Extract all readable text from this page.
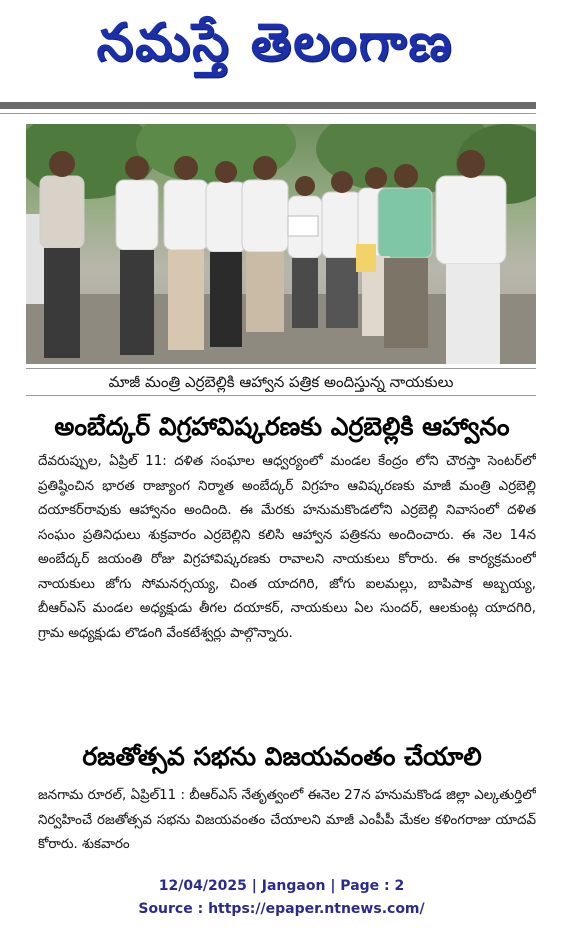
నమస్తే తెలంగాణ
మాజీ మంత్రి ఎర్రబెల్లికి ఆహ్వాన పత్రిక అందిస్తున్న నాయకులు
అంబేద్కర్ విగ్రహావిష్కరణకు ఎర్రబెల్లికి ఆహ్వానం

దేవరుప్పుల, ఏప్రిల్ 11: దళిత సంఘాల ఆధ్వర్యంలో మండల కేంద్రం లోని చౌరస్తా సెంటర్‌లో ప్రతిష్ఠించిన భారత రాజ్యాంగ నిర్మాత అంబేద్కర్ విగ్రహం ఆవిష్కరణకు మాజీ మంత్రి ఎర్రబెల్లి దయాకర్‌రావుకు ఆహ్వానం అందింది. ఈ మేరకు హనుమకొండలోని ఎర్రబెల్లి నివాసంలో దళిత సంఘం ప్రతినిధులు శుక్రవారం ఎర్రబెల్లిని కలిసి ఆహ్వాన పత్రికను అందించారు. ఈ నెల 14న అంబేద్కర్ జయంతి రోజు విగ్రహావిష్కరణకు రావాలని నాయకులు కోరారు. ఈ కార్యక్రమంలో నాయకులు జోగు సోమనర్సయ్య, చింత యాదగిరి, జోగు ఐలమల్లు, బాపిపాక అబ్బయ్య, బీఆర్ఎస్ మండల అధ్యక్షుడు తీగల దయాకర్, నాయకులు ఏల సుందర్, ఆలకుంట్ల యాదగిరి, గ్రామ అధ్యక్షుడు లొడంగి వేంకటేశ్వర్లు పాల్గొన్నారు.

రజతోత్సవ సభను విజయవంతం చేయాలి

జనగామ రూరల్, ఏప్రిల్11 : బీఆర్ఎస్ నేతృత్వంలో ఈనెల 27న హనుమకొండ జిల్లా ఎల్కతుర్తిలో నిర్వహించే రజతోత్సవ సభను విజయవంతం చేయాలని మాజీ ఎంపీపీ మేకల కళింగరాజు యాదవ్ కోరారు. శుకవారం

12/04/2025 | Jangaon | Page : 2
Source : https://epaper.ntnews.com/
